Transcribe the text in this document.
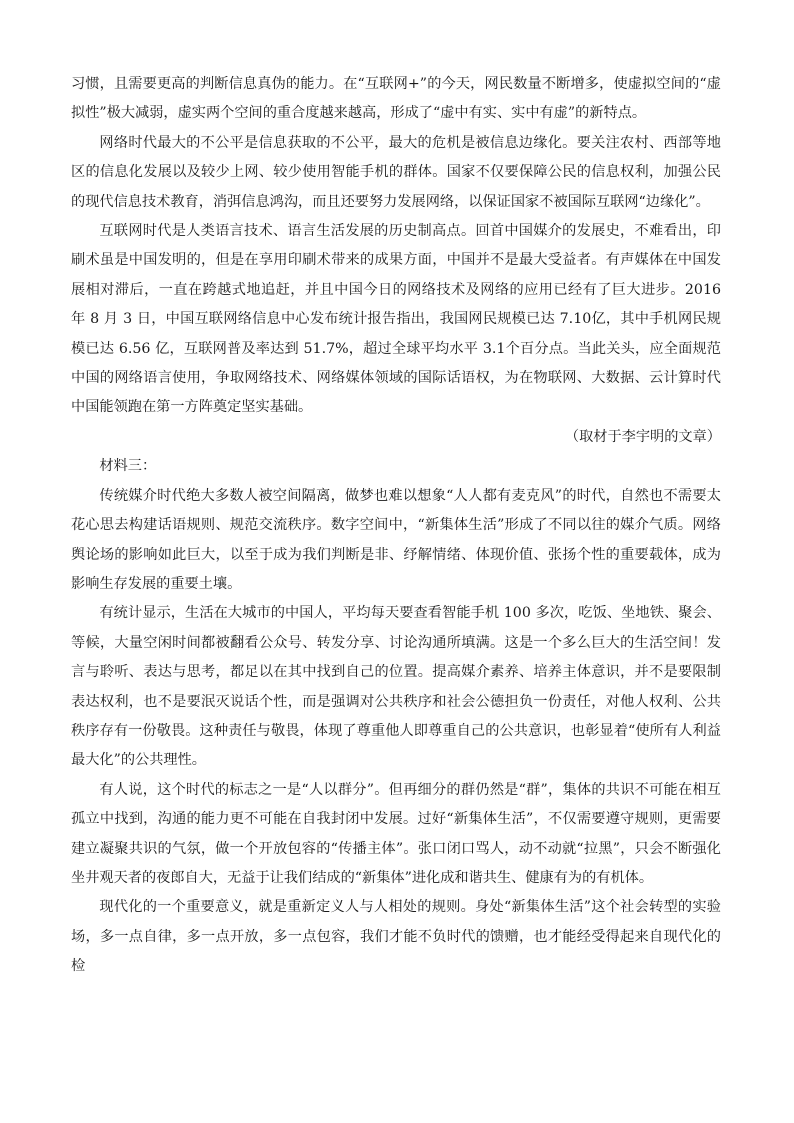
习惯，且需要更高的判断信息真伪的能力。在“互联网+”的今天，网民数量不断增多，使虚拟空间的“虚拟性”极大减弱，虚实两个空间的重合度越来越高，形成了“虚中有实、实中有虚”的新特点。

网络时代最大的不公平是信息获取的不公平，最大的危机是被信息边缘化。要关注农村、西部等地区的信息化发展以及较少上网、较少使用智能手机的群体。国家不仅要保障公民的信息权利，加强公民的现代信息技术教育，消弭信息鸿沟，而且还要努力发展网络，以保证国家不被国际互联网“边缘化”。

互联网时代是人类语言技术、语言生活发展的历史制高点。回首中国媒介的发展史，不难看出，印刷术虽是中国发明的，但是在享用印刷术带来的成果方面，中国并不是最大受益者。有声媒体在中国发展相对滞后，一直在跨越式地追赶，并且中国今日的网络技术及网络的应用已经有了巨大进步。2016 年 8 月 3 日，中国互联网络信息中心发布统计报告指出，我国网民规模已达 7.10亿，其中手机网民规模已达 6.56 亿，互联网普及率达到 51.7%，超过全球平均水平 3.1个百分点。当此关头，应全面规范中国的网络语言使用，争取网络技术、网络媒体领域的国际话语权，为在物联网、大数据、云计算时代中国能领跑在第一方阵奠定坚实基础。

（取材于李宇明的文章）

材料三：

传统媒介时代绝大多数人被空间隔离，做梦也难以想象“人人都有麦克风”的时代，自然也不需要太花心思去构建话语规则、规范交流秩序。数字空间中，“新集体生活”形成了不同以往的媒介气质。网络舆论场的影响如此巨大，以至于成为我们判断是非、纾解情绪、体现价值、张扬个性的重要载体，成为影响生存发展的重要土壤。

有统计显示，生活在大城市的中国人，平均每天要查看智能手机 100 多次，吃饭、坐地铁、聚会、等候，大量空闲时间都被翻看公众号、转发分享、讨论沟通所填满。这是一个多么巨大的生活空间！发言与聆听、表达与思考，都足以在其中找到自己的位置。提高媒介素养、培养主体意识，并不是要限制表达权利，也不是要泯灭说话个性，而是强调对公共秩序和社会公德担负一份责任，对他人权利、公共秩序存有一份敬畏。这种责任与敬畏，体现了尊重他人即尊重自己的公共意识，也彰显着“使所有人利益最大化”的公共理性。

有人说，这个时代的标志之一是“人以群分”。但再细分的群仍然是“群”，集体的共识不可能在相互孤立中找到，沟通的能力更不可能在自我封闭中发展。过好“新集体生活”，不仅需要遵守规则，更需要建立凝聚共识的气氛，做一个开放包容的“传播主体”。张口闭口骂人，动不动就“拉黑”，只会不断强化坐井观天者的夜郎自大，无益于让我们结成的“新集体”进化成和谐共生、健康有为的有机体。

现代化的一个重要意义，就是重新定义人与人相处的规则。身处“新集体生活”这个社会转型的实验场，多一点自律，多一点开放，多一点包容，我们才能不负时代的馈赠，也才能经受得起来自现代化的检
